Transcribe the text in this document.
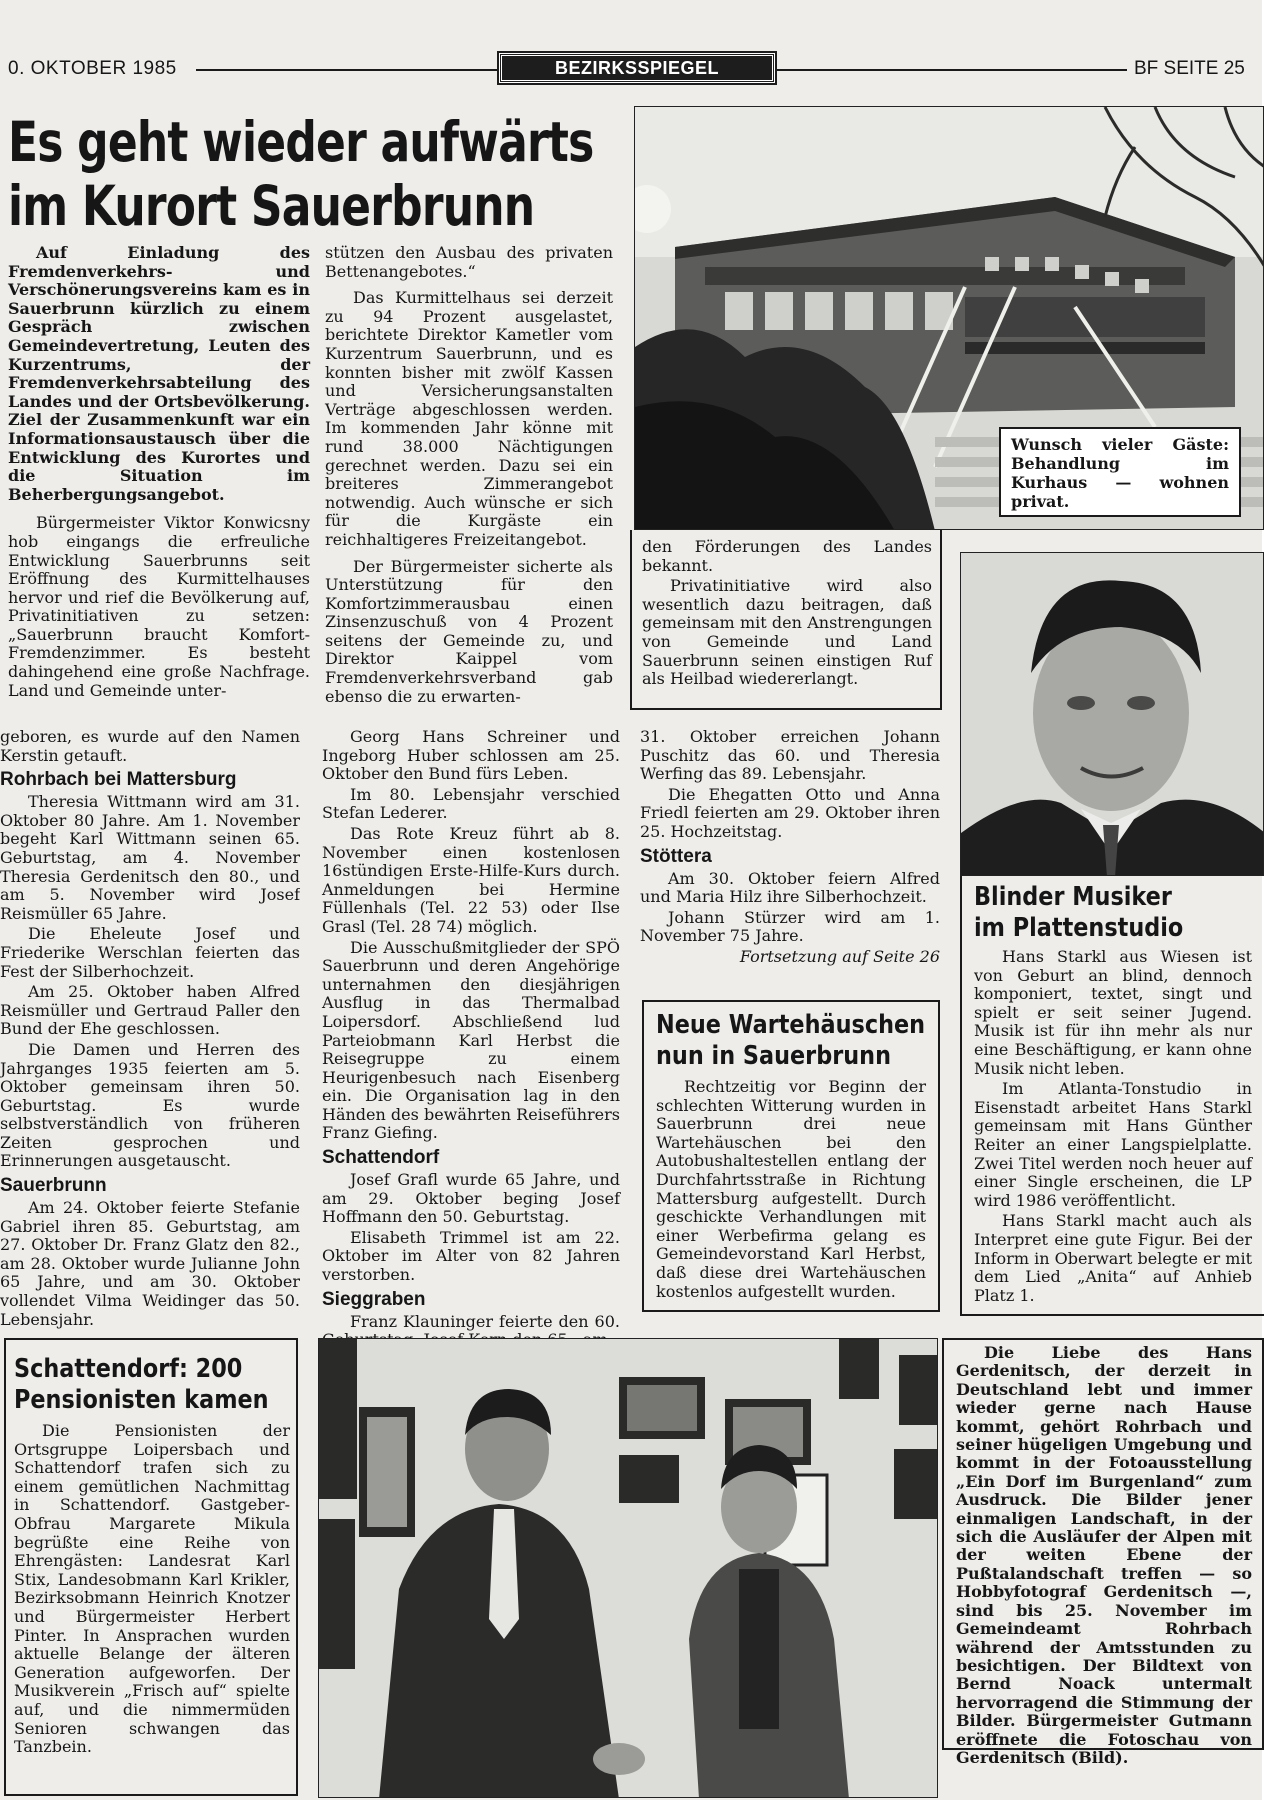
0. OKTOBER 1985	BEZIRKSSPIEGEL	BF SEITE 25
Es geht wieder aufwärts
im Kurort Sauerbrunn

Auf Einladung des Fremdenverkehrs- und Verschönerungsvereins kam es in Sauerbrunn kürzlich zu einem Gespräch zwischen Gemeindevertretung, Leuten des Kurzentrums, der Fremdenverkehrsabteilung des Landes und der Ortsbevölkerung. Ziel der Zusammenkunft war ein Informationsaustausch über die Entwicklung des Kurortes und die Situation im Beherbergungsangebot.

Bürgermeister Viktor Konwicsny hob eingangs die erfreuliche Entwicklung Sauerbrunns seit Eröffnung des Kurmittelhauses hervor und rief die Bevölkerung auf, Privatinitiativen zu setzen: „Sauerbrunn braucht Komfort-Fremdenzimmer. Es besteht dahingehend eine große Nachfrage. Land und Gemeinde unter-

stützen den Ausbau des privaten Bettenangebotes.“

Das Kurmittelhaus sei derzeit zu 94 Prozent ausgelastet, berichtete Direktor Kametler vom Kurzentrum Sauerbrunn, und es konnten bisher mit zwölf Kassen und Versicherungsanstalten Verträge abgeschlossen werden. Im kommenden Jahr könne mit rund 38.000 Nächtigungen gerechnet werden. Dazu sei ein breiteres Zimmerangebot notwendig. Auch wünsche er sich für die Kurgäste ein reichhaltigeres Freizeitangebot.

Der Bürgermeister sicherte als Unterstützung für den Komfortzimmerausbau einen Zinsenzuschuß von 4 Prozent seitens der Gemeinde zu, und Direktor Kaippel vom Fremdenverkehrsverband gab ebenso die zu erwarten-

Wunsch vieler Gäste: Behandlung im Kurhaus — wohnen privat.

den Förderungen des Landes bekannt.

Privatinitiative wird also wesentlich dazu beitragen, daß gemeinsam mit den Anstrengungen von Gemeinde und Land Sauerbrunn seinen einstigen Ruf als Heilbad wiedererlangt.

geboren, es wurde auf den Namen Kerstin getauft.

Rohrbach bei Mattersburg

Theresia Wittmann wird am 31. Oktober 80 Jahre. Am 1. November begeht Karl Wittmann seinen 65. Geburtstag, am 4. November Theresia Gerdenitsch den 80., und am 5. November wird Josef Reismüller 65 Jahre.

Die Eheleute Josef und Friederike Werschlan feierten das Fest der Silberhochzeit.

Am 25. Oktober haben Alfred Reismüller und Gertraud Paller den Bund der Ehe geschlossen.

Die Damen und Herren des Jahrganges 1935 feierten am 5. Oktober gemeinsam ihren 50. Geburtstag. Es wurde selbstverständlich von früheren Zeiten gesprochen und Erinnerungen ausgetauscht.

Sauerbrunn

Am 24. Oktober feierte Stefanie Gabriel ihren 85. Geburtstag, am 27. Oktober Dr. Franz Glatz den 82., am 28. Oktober wurde Julianne John 65 Jahre, und am 30. Oktober vollendet Vilma Weidinger das 50. Lebensjahr.

Georg Hans Schreiner und Ingeborg Huber schlossen am 25. Oktober den Bund fürs Leben.

Im 80. Lebensjahr verschied Stefan Lederer.

Das Rote Kreuz führt ab 8. November einen kostenlosen 16stündigen Erste-Hilfe-Kurs durch. Anmeldungen bei Hermine Füllenhals (Tel. 22 53) oder Ilse Grasl (Tel. 28 74) möglich.

Die Ausschußmitglieder der SPÖ Sauerbrunn und deren Angehörige unternahmen den diesjährigen Ausflug in das Thermalbad Loipersdorf. Abschließend lud Parteiobmann Karl Herbst die Reisegruppe zu einem Heurigenbesuch nach Eisenberg ein. Die Organisation lag in den Händen des bewährten Reiseführers Franz Giefing.

Schattendorf

Josef Grafl wurde 65 Jahre, und am 29. Oktober beging Josef Hoffmann den 50. Geburtstag.

Elisabeth Trimmel ist am 22. Oktober im Alter von 82 Jahren verstorben.

Sieggraben

Franz Klauninger feierte den 60.

31. Oktober erreichen Johann Puschitz das 60. und Theresia Werfing das 89. Lebensjahr.

Die Ehegatten Otto und Anna Friedl feierten am 29. Oktober ihren 25. Hochzeitstag.

Stöttera

Am 30. Oktober feiern Alfred und Maria Hilz ihre Silberhochzeit.

Johann Stürzer wird am 1. November 75 Jahre.

Fortsetzung auf Seite 26

Neue Wartehäuschen
nun in Sauerbrunn

Rechtzeitig vor Beginn der schlechten Witterung wurden in Sauerbrunn drei neue Wartehäuschen bei den Autobushaltestellen entlang der Durchfahrtsstraße in Richtung Mattersburg aufgestellt. Durch geschickte Verhandlungen mit einer Werbefirma gelang es Gemeindevorstand Karl Herbst, daß diese drei Wartehäuschen kostenlos aufgestellt wurden.

Blinder Musiker
im Plattenstudio

Hans Starkl aus Wiesen ist von Geburt an blind, dennoch komponiert, textet, singt und spielt er seit seiner Jugend. Musik ist für ihn mehr als nur eine Beschäftigung, er kann ohne Musik nicht leben.

Im Atlanta-Tonstudio in Eisenstadt arbeitet Hans Starkl gemeinsam mit Hans Günther Reiter an einer Langspielplatte. Zwei Titel werden noch heuer auf einer Single erscheinen, die LP wird 1986 veröffentlicht.

Hans Starkl macht auch als Interpret eine gute Figur. Bei der Inform in Oberwart belegte er mit dem Lied „Anita“ auf Anhieb Platz 1.

Schattendorf: 200
Pensionisten kamen

Die Pensionisten der Ortsgruppe Loipersbach und Schattendorf trafen sich zu einem gemütlichen Nachmittag in Schattendorf. Gastgeber-Obfrau Margarete Mikula begrüßte eine Reihe von Ehrengästen: Landesrat Karl Stix, Landesobmann Karl Krikler, Bezirksobmann Heinrich Knotzer und Bürgermeister Herbert Pinter. In Ansprachen wurden aktuelle Belange der älteren Generation aufgeworfen. Der Musikverein „Frisch auf“ spielte auf, und die nimmermüden Senioren schwangen das Tanzbein.

Die Liebe des Hans Gerdenitsch, der derzeit in Deutschland lebt und immer wieder gerne nach Hause kommt, gehört Rohrbach und seiner hügeligen Umgebung und kommt in der Fotoausstellung „Ein Dorf im Burgenland“ zum Ausdruck. Die Bilder jener einmaligen Landschaft, in der sich die Ausläufer der Alpen mit der weiten Ebene der Pußtalandschaft treffen — so Hobbyfotograf Gerdenitsch —, sind bis 25. November im Gemeindeamt Rohrbach während der Amtsstunden zu besichtigen. Der Bildtext von Bernd Noack untermalt hervorragend die Stimmung der Bilder. Bürgermeister Gutmann eröffnete die Fotoschau von Gerdenitsch (Bild).
